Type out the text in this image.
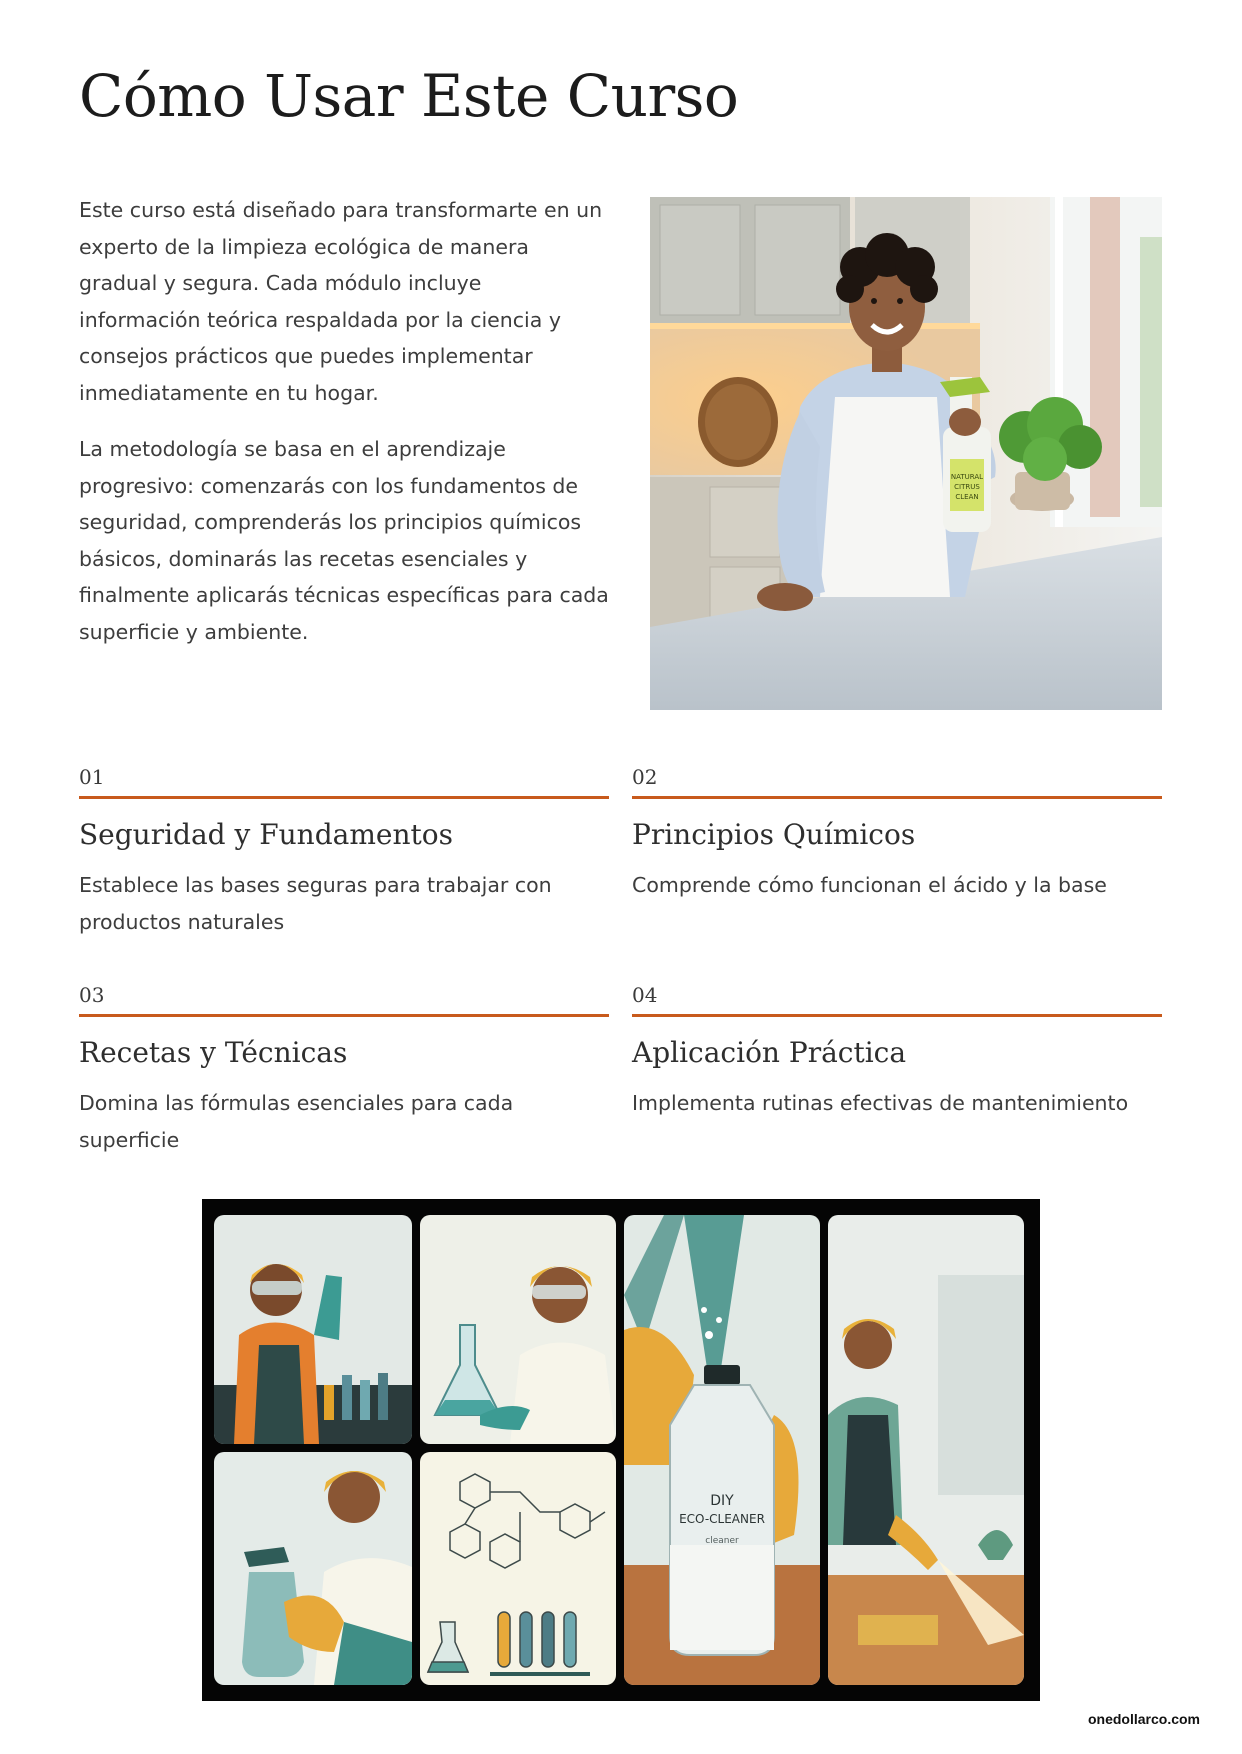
Cómo Usar Este Curso

Este curso está diseñado para transformarte en un experto de la limpieza ecológica de manera gradual y segura. Cada módulo incluye información teórica respaldada por la ciencia y consejos prácticos que puedes implementar inmediatamente en tu hogar.

La metodología se basa en el aprendizaje progresivo: comenzarás con los fundamentos de seguridad, comprenderás los principios químicos básicos, dominarás las recetas esenciales y finalmente aplicarás técnicas específicas para cada superficie y ambiente.

NATURAL
CITRUS
CLEAN
01
Seguridad y Fundamentos
Establece las bases seguras para trabajar con productos naturales
02
Principios Químicos
Comprende cómo funcionan el ácido y la base
03
Recetas y Técnicas
Domina las fórmulas esenciales para cada superficie
04
Aplicación Práctica
Implementa rutinas efectivas de mantenimiento
DIY
ECO-CLEANER
cleaner
onedollarco.com
